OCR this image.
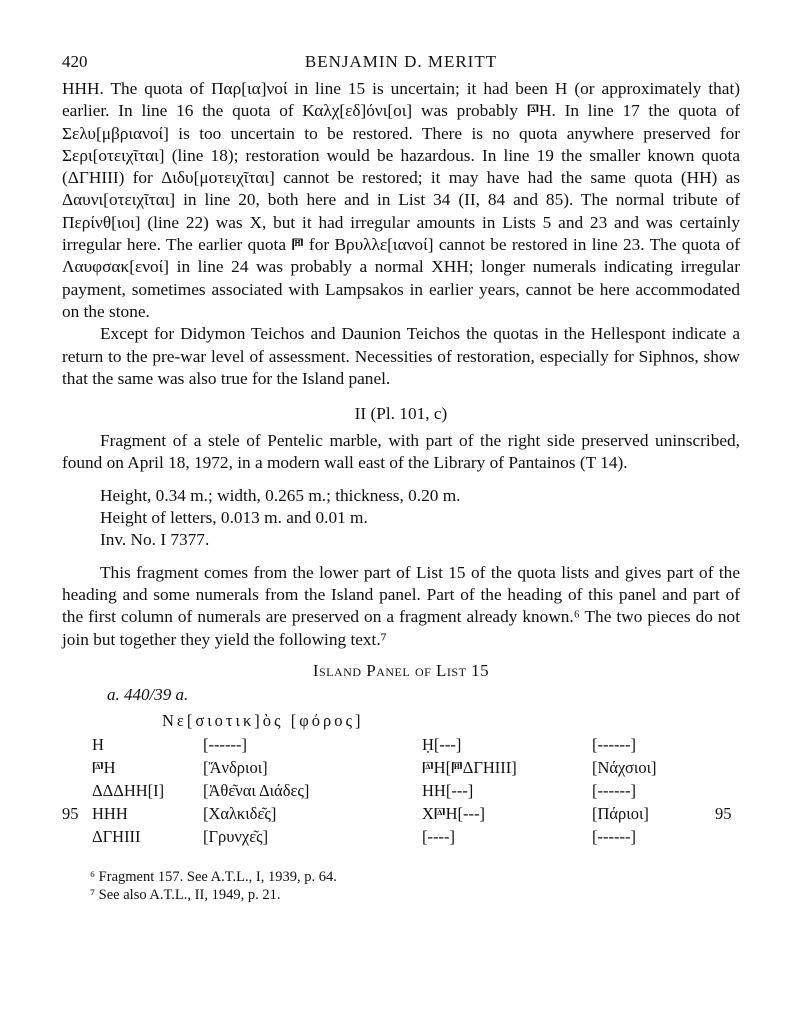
420	BENJAMIN D. MERITT

HHH. The quota of Παρ[ια]νοί in line 15 is uncertain; it had been H (or approximately that) earlier. In line 16 the quota of Καλχ[εδ]όνι[οι] was probably 𐅄H. In line 17 the quota of Σελυ[μβριανοί] is too uncertain to be restored. There is no quota anywhere preserved for Σερι[οτειχῖται] (line 18); restoration would be hazardous. In line 19 the smaller known quota (ΔΓΗΙΙΙ) for Διδυ[μοτειχῖται] cannot be restored; it may have had the same quota (HH) as Δαυνι[οτειχῖται] in line 20, both here and in List 34 (II, 84 and 85). The normal tribute of Περίνθ[ιοι] (line 22) was X, but it had irregular amounts in Lists 5 and 23 and was certainly irregular here. The earlier quota 𐅅 for Βρυλλε[ιανοί] cannot be restored in line 23. The quota of Λαυφσακ[ενοί] in line 24 was probably a normal XHH; longer numerals indicating irregular payment, sometimes associated with Lampsakos in earlier years, cannot be here accommodated on the stone.

Except for Didymon Teichos and Daunion Teichos the quotas in the Hellespont indicate a return to the pre-war level of assessment. Necessities of restoration, especially for Siphnos, show that the same was also true for the Island panel.

II (Pl. 101, c)

Fragment of a stele of Pentelic marble, with part of the right side preserved uninscribed, found on April 18, 1972, in a modern wall east of the Library of Pantainos (T 14).

Height, 0.34 m.; width, 0.265 m.; thickness, 0.20 m.
Height of letters, 0.013 m. and 0.01 m.
Inv. No. I 7377.

This fragment comes from the lower part of List 15 of the quota lists and gives part of the heading and some numerals from the Island panel. Part of the heading of this panel and part of the first column of numerals are preserved on a fragment already known.⁶ The two pieces do not join but together they yield the following text.⁷

Island Panel of List 15
a. 440/39 a.
Νε[σιοτικ]ὸς [φόρος]
H	[------]	Ḥ[---]	[------]
𐅄H	[Ἄνδριοι]	𐅄H[𐅅ΔΓΗΙΙΙ]	[Νάχσιοι]
ΔΔΔΗΗ[Ι] [Ἀθε͂ναι Διάδες]	HH[---]	[------]
95 HHH	[Χαλκιδε͂ς]	X𐅄H[---]	[Πάριοι]	95
ΔΓΗΙΙΙ	[Γρυνχε͂ς]	[----]	[------]
⁶ Fragment 157. See A.T.L., I, 1939, p. 64.
⁷ See also A.T.L., II, 1949, p. 21.
